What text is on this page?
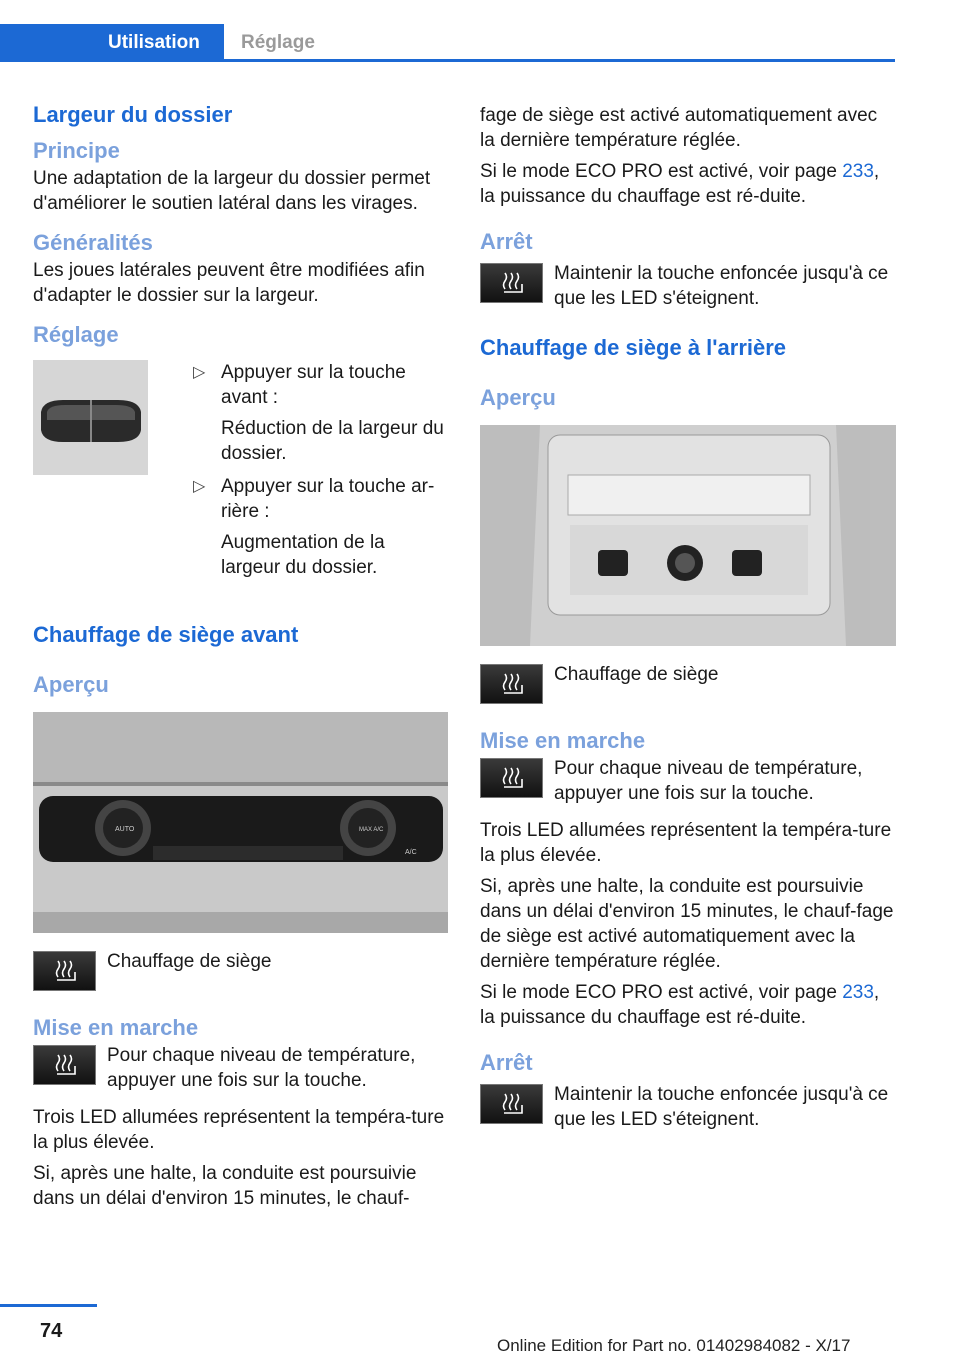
Utilisation Réglage
Largeur du dossier
Principe

Une adaptation de la largeur du dossier permet d'améliorer le soutien latéral dans les virages.

Généralités

Les joues latérales peuvent être modifiées afin d'adapter le dossier sur la largeur.

Réglage
▷ Appuyer sur la touche avant :

Réduction de la largeur du dossier.

▷ Appuyer sur la touche ar-rière :

Augmentation de la largeur du dossier.

Chauffage de siège avant
Aperçu
AUTO	MAX A/C
A/C

Chauffage de siège

Mise en marche

Pour chaque niveau de température, appuyer une fois sur la touche.

Trois LED allumées représentent la tempéra-ture la plus élevée.

Si, après une halte, la conduite est poursuivie dans un délai d'environ 15 minutes, le chauf-

fage de siège est activé automatiquement avec la dernière température réglée.

Si le mode ECO PRO est activé, voir page 233, la puissance du chauffage est ré-duite.

Arrêt

Maintenir la touche enfoncée jusqu'à ce que les LED s'éteignent.

Chauffage de siège à l'arrière
Aperçu

Chauffage de siège

Mise en marche

Pour chaque niveau de température, appuyer une fois sur la touche.

Trois LED allumées représentent la tempéra-ture la plus élevée.

Si, après une halte, la conduite est poursuivie dans un délai d'environ 15 minutes, le chauf-fage de siège est activé automatiquement avec la dernière température réglée.

Si le mode ECO PRO est activé, voir page 233, la puissance du chauffage est ré-duite.

Arrêt

Maintenir la touche enfoncée jusqu'à ce que les LED s'éteignent.

74
Online Edition for Part no. 01402984082 - X/17
